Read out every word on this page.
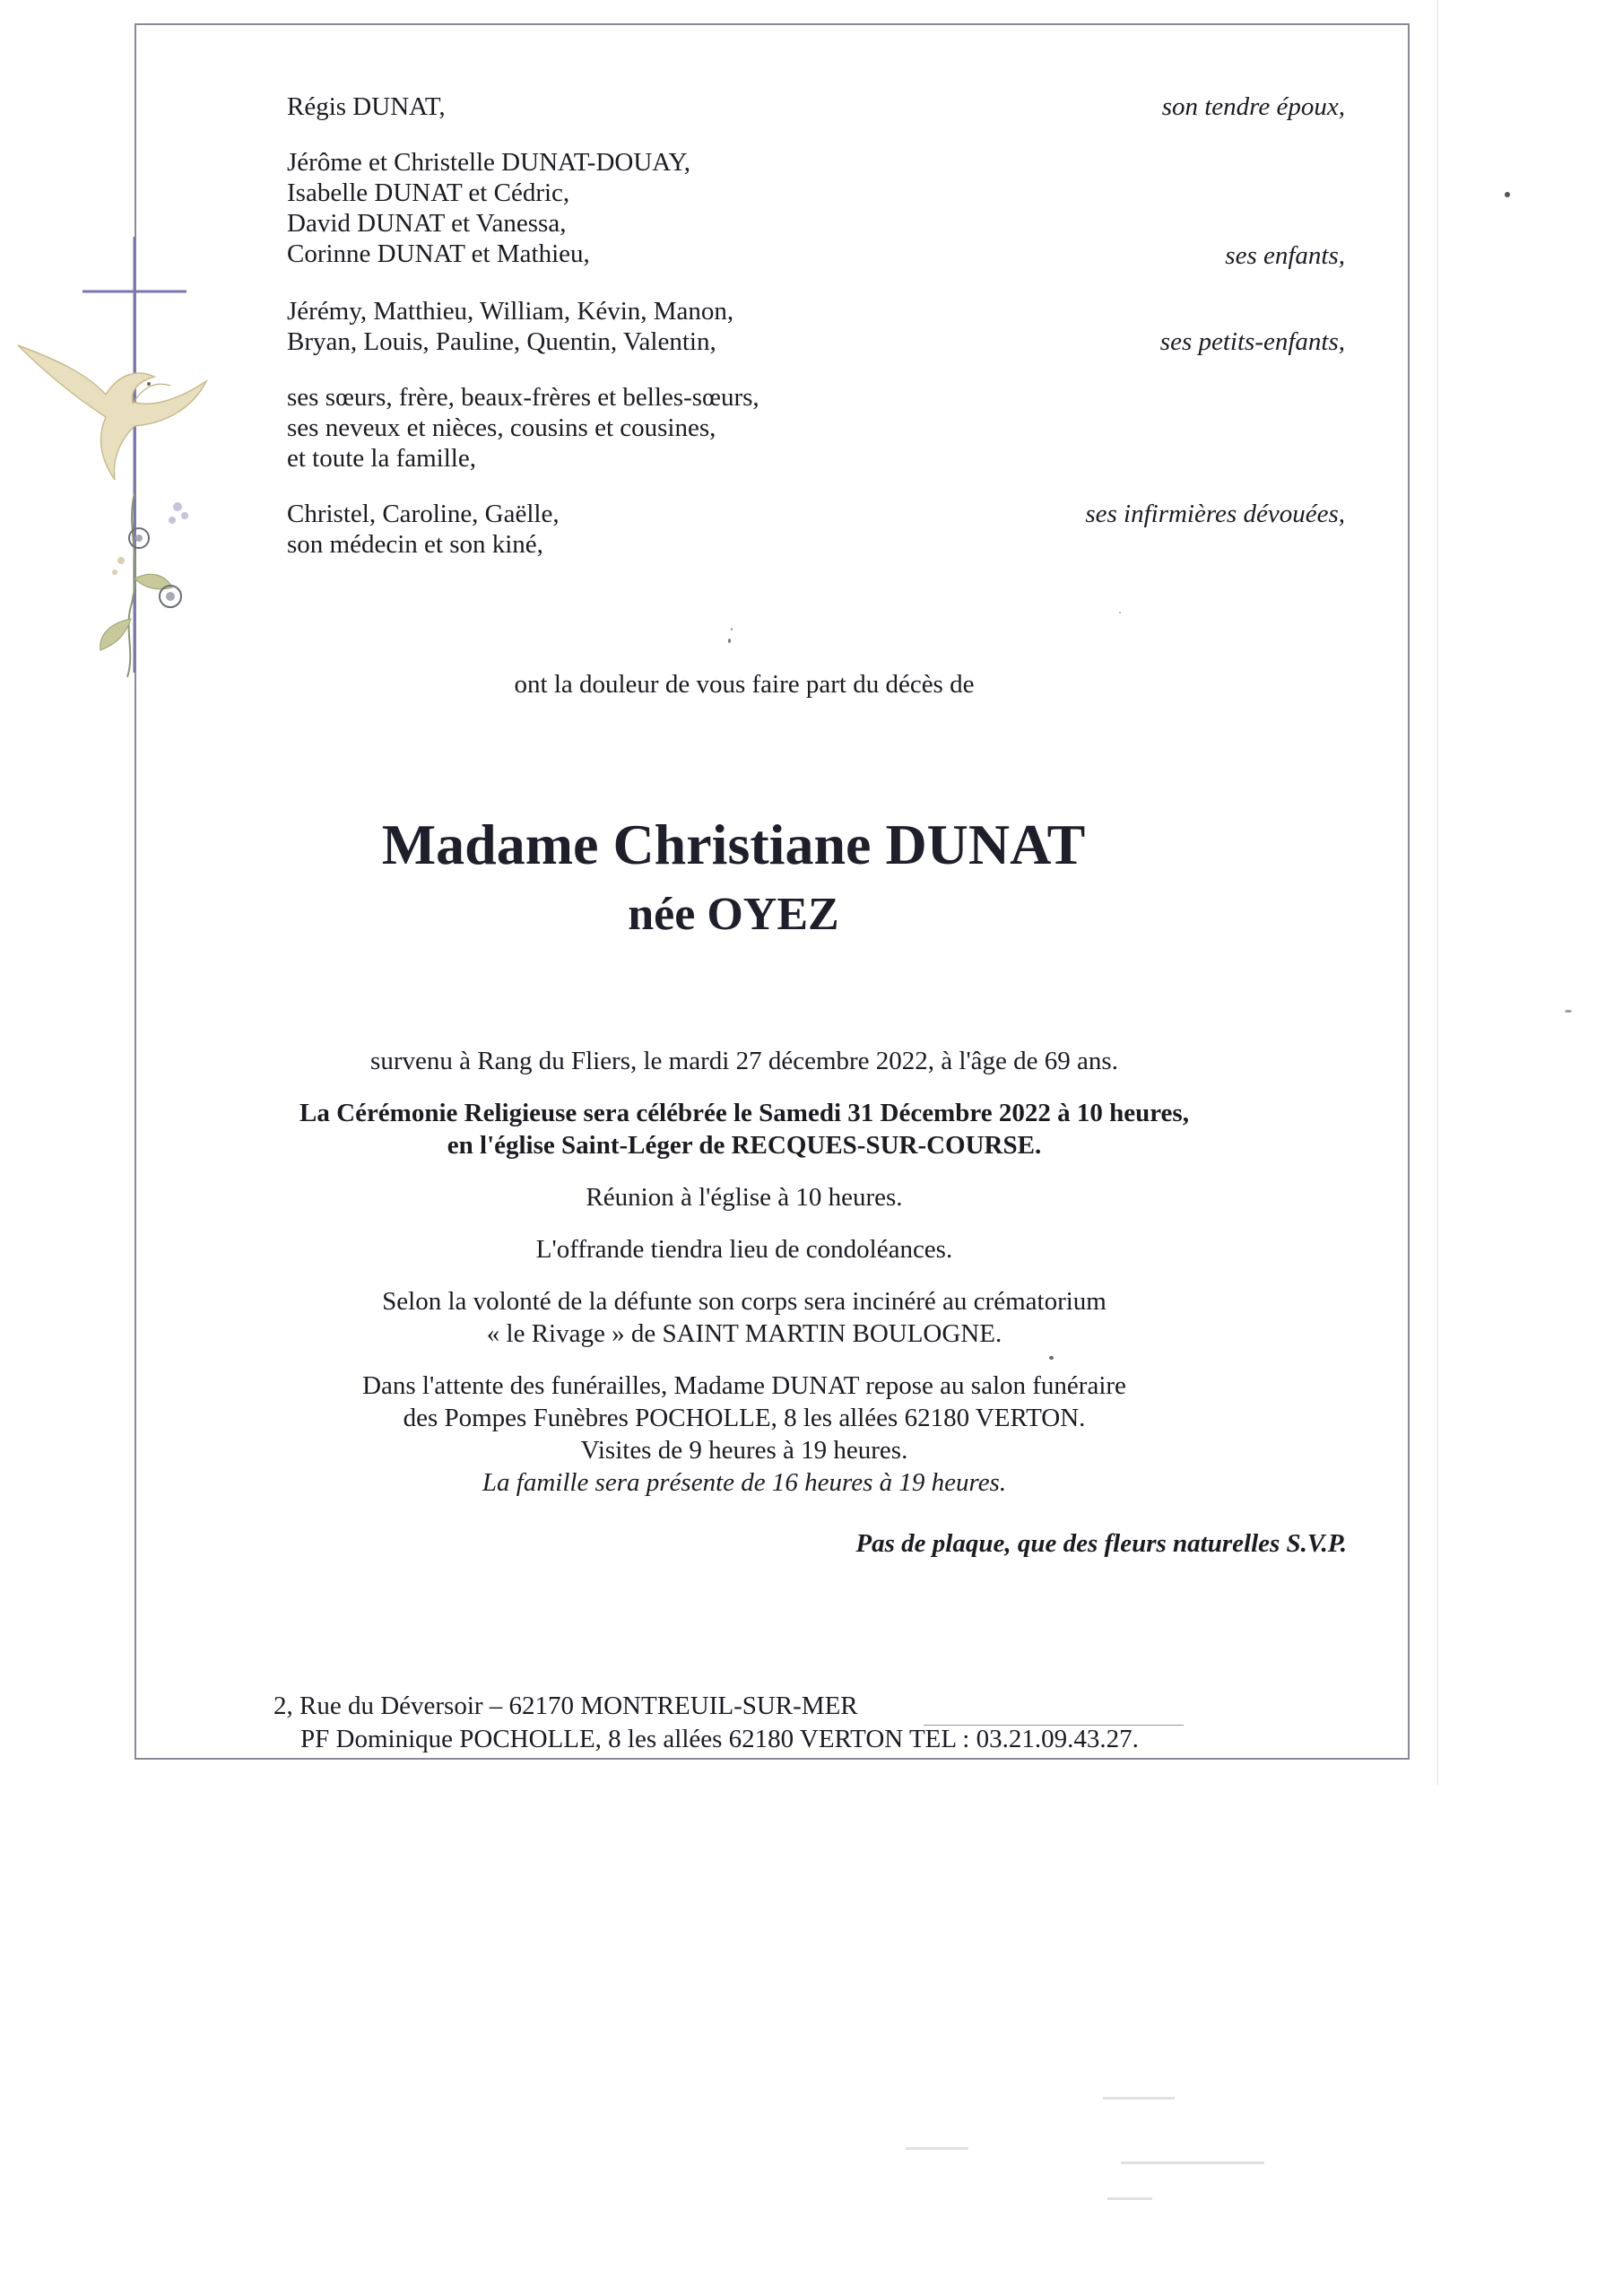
Régis DUNAT,	son tendre époux,
Jérôme et Christelle DUNAT-DOUAY,
Isabelle DUNAT et Cédric,
David DUNAT et Vanessa,
Corinne DUNAT et Mathieu,	ses enfants,
Jérémy, Matthieu, William, Kévin, Manon,
Bryan, Louis, Pauline, Quentin, Valentin,	ses petits-enfants,
ses sœurs, frère, beaux-frères et belles-sœurs,
ses neveux et nièces, cousins et cousines,
et toute la famille,
Christel, Caroline, Gaëlle,
son médecin et son kiné,
ses infirmières dévouées,
ont la douleur de vous faire part du décès de
Madame Christiane DUNAT
née OYEZ
survenu à Rang du Fliers, le mardi 27 décembre 2022, à l'âge de 69 ans.
La Cérémonie Religieuse sera célébrée le Samedi 31 Décembre 2022 à 10 heures,
en l'église Saint-Léger de RECQUES-SUR-COURSE.
Réunion à l'église à 10 heures.
L'offrande tiendra lieu de condoléances.
Selon la volonté de la défunte son corps sera incinéré au crématorium
« le Rivage » de SAINT MARTIN BOULOGNE.
Dans l'attente des funérailles, Madame DUNAT repose au salon funéraire
des Pompes Funèbres POCHOLLE, 8 les allées 62180 VERTON.
Visites de 9 heures à 19 heures.
La famille sera présente de 16 heures à 19 heures.
Pas de plaque, que des fleurs naturelles S.V.P.
2, Rue du Déversoir – 62170 MONTREUIL-SUR-MER
PF Dominique POCHOLLE, 8 les allées 62180 VERTON TEL : 03.21.09.43.27.
